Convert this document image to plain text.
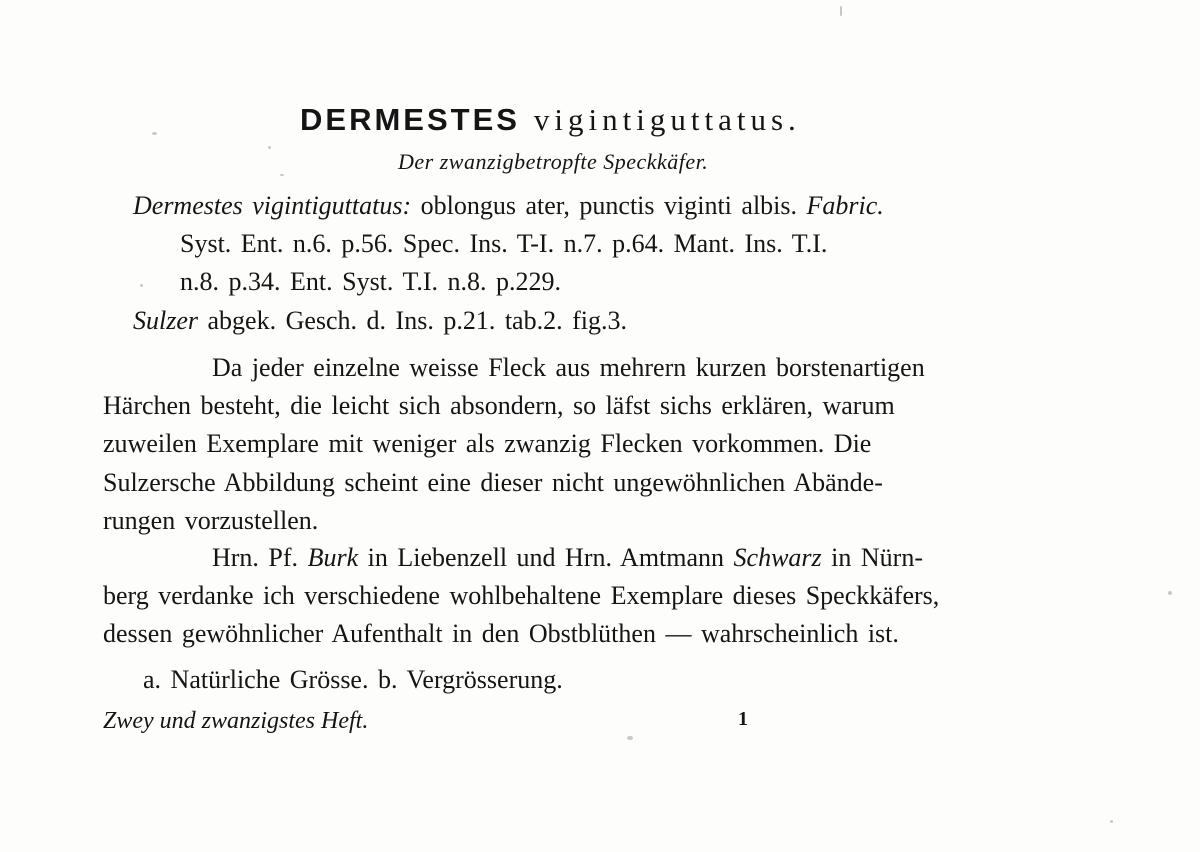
DERMESTES vigintiguttatus.
Der zwanzigbetropfte Speckkäfer.
Dermestes vigintiguttatus: oblongus ater, punctis viginti albis. Fabric.
Syst. Ent. n.6. p.56. Spec. Ins. T-I. n.7. p.64. Mant. Ins. T.I.
n.8. p.34. Ent. Syst. T.I. n.8. p.229.
Sulzer abgek. Gesch. d. Ins. p.21. tab.2. fig.3.
Da jeder einzelne weisse Fleck aus mehrern kurzen borstenartigen
Härchen besteht, die leicht sich absondern, so läfst sichs erklären, warum
zuweilen Exemplare mit weniger als zwanzig Flecken vorkommen. Die
Sulzersche Abbildung scheint eine dieser nicht ungewöhnlichen Abände-
rungen vorzustellen.
Hrn. Pf. Burk in Liebenzell und Hrn. Amtmann Schwarz in Nürn-
berg verdanke ich verschiedene wohlbehaltene Exemplare dieses Speckkäfers,
dessen gewöhnlicher Aufenthalt in den Obstblüthen — wahrscheinlich ist.
a. Natürliche Grösse. b. Vergrösserung.
Zwey und zwanzigstes Heft.	1
